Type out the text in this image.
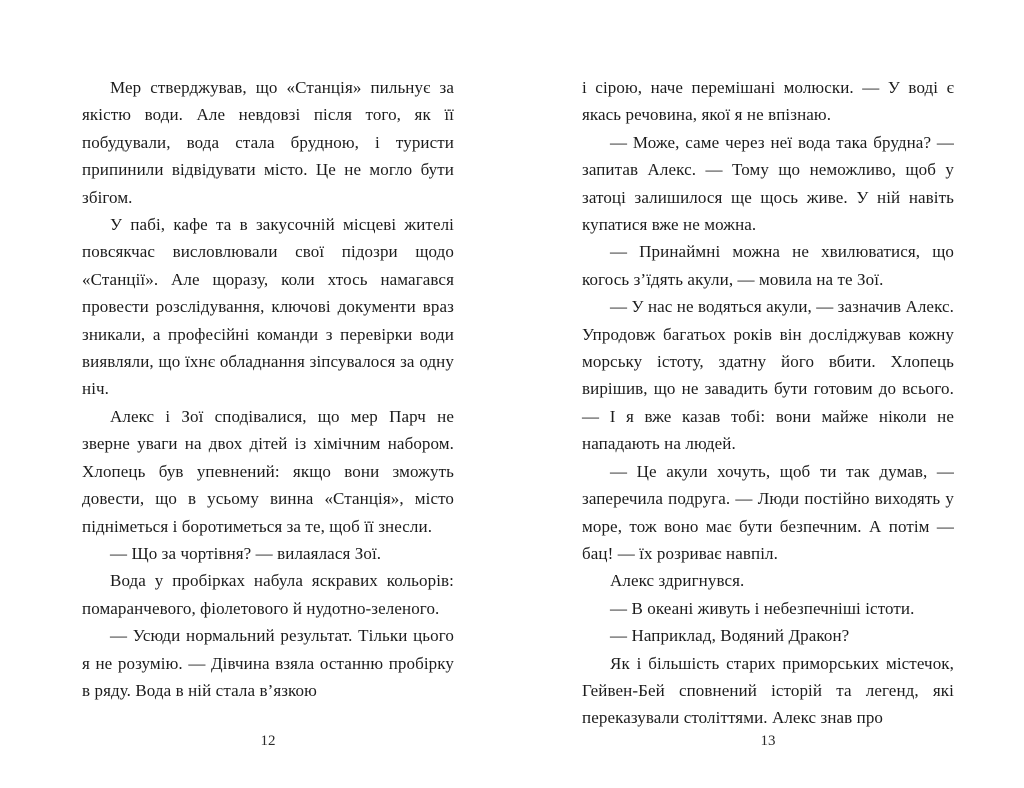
Мер стверджував, що «Станція» пильнує за якістю води. Але невдовзі після того, як її побудували, вода стала брудною, і туристи припинили відвідувати місто. Це не могло бути збігом.

У пабі, кафе та в закусочній місцеві жителі повсякчас висловлювали свої підозри щодо «Станції». Але щоразу, коли хтось намагався провести розслідування, ключові документи враз зникали, а професійні команди з перевірки води виявляли, що їхнє обладнання зіпсувалося за одну ніч.

Алекс і Зої сподівалися, що мер Парч не зверне уваги на двох дітей із хімічним набором. Хлопець був упевнений: якщо вони зможуть довести, що в усьому винна «Станція», місто підніметься і боротиметься за те, щоб її знесли.

— Що за чортівня? — вилаялася Зої.

Вода у пробірках набула яскравих кольорів: помаранчевого, фіолетового й нудотно-зеленого.

— Усюди нормальний результат. Тільки цього я не розумію. — Дівчина взяла останню пробірку в ряду. Вода в ній стала в’язкою

12

і сірою, наче перемішані молюски. — У воді є якась речовина, якої я не впізнаю.

— Може, саме через неї вода така брудна? — запитав Алекс. — Тому що неможливо, щоб у затоці залишилося ще щось живе. У ній навіть купатися вже не можна.

— Принаймні можна не хвилюватися, що когось з’їдять акули, — мовила на те Зої.

— У нас не водяться акули, — зазначив Алекс. Упродовж багатьох років він досліджував кожну морську істоту, здатну його вбити. Хлопець вирішив, що не завадить бути готовим до всього. — І я вже казав тобі: вони майже ніколи не нападають на людей.

— Це акули хочуть, щоб ти так думав, — заперечила подруга. — Люди постійно виходять у море, тож воно має бути безпечним. А потім — бац! — їх розриває навпіл.

Алекс здригнувся.

— В океані живуть і небезпечніші істоти.

— Наприклад, Водяний Дракон?

Як і більшість старих приморських містечок, Гейвен-Бей сповнений історій та легенд, які переказували століттями. Алекс знав про

13
